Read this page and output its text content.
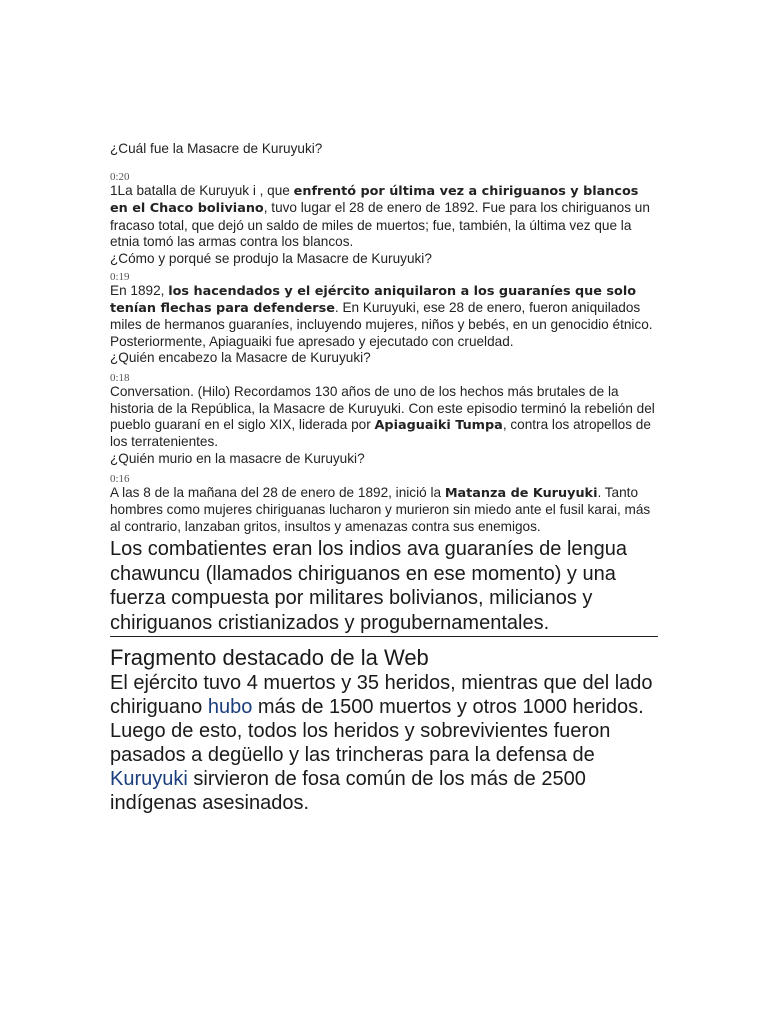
¿Cuál fue la Masacre de Kuruyuki?

0:20

1La batalla de Kuruyuk i , que enfrentó por última vez a chiriguanos y blancos en el Chaco boliviano, tuvo lugar el 28 de enero de 1892. Fue para los chiriguanos un fracaso total, que dejó un saldo de miles de muertos; fue, también, la última vez que la etnia tomó las armas contra los blancos.

¿Cómo y porqué se produjo la Masacre de Kuruyuki?

0:19

En 1892, los hacendados y el ejército aniquilaron a los guaraníes que solo tenían flechas para defenderse. En Kuruyuki, ese 28 de enero, fueron aniquilados miles de hermanos guaraníes, incluyendo mujeres, niños y bebés, en un genocidio étnico. Posteriormente, Apiaguaiki fue apresado y ejecutado con crueldad.

¿Quién encabezo la Masacre de Kuruyuki?

0:18

Conversation. (Hilo) Recordamos 130 años de uno de los hechos más brutales de la historia de la República, la Masacre de Kuruyuki. Con este episodio terminó la rebelión del pueblo guaraní en el siglo XIX, liderada por Apiaguaiki Tumpa, contra los atropellos de los terratenientes.

¿Quién murio en la masacre de Kuruyuki?

0:16

A las 8 de la mañana del 28 de enero de 1892, inició la Matanza de Kuruyuki. Tanto hombres como mujeres chiriguanas lucharon y murieron sin miedo ante el fusil karai, más al contrario, lanzaban gritos, insultos y amenazas contra sus enemigos.

Los combatientes eran los indios ava guaraníes de lengua chawuncu (llamados chiriguanos en ese momento) y una fuerza compuesta por militares bolivianos, milicianos y chiriguanos cristianizados y progubernamentales.

Fragmento destacado de la Web

El ejército tuvo 4 muertos y 35 heridos, mientras que del lado chiriguano hubo más de 1500 muertos y otros 1000 heridos. Luego de esto, todos los heridos y sobrevivientes fueron pasados a degüello y las trincheras para la defensa de Kuruyuki sirvieron de fosa común de los más de 2500 indígenas asesinados.
